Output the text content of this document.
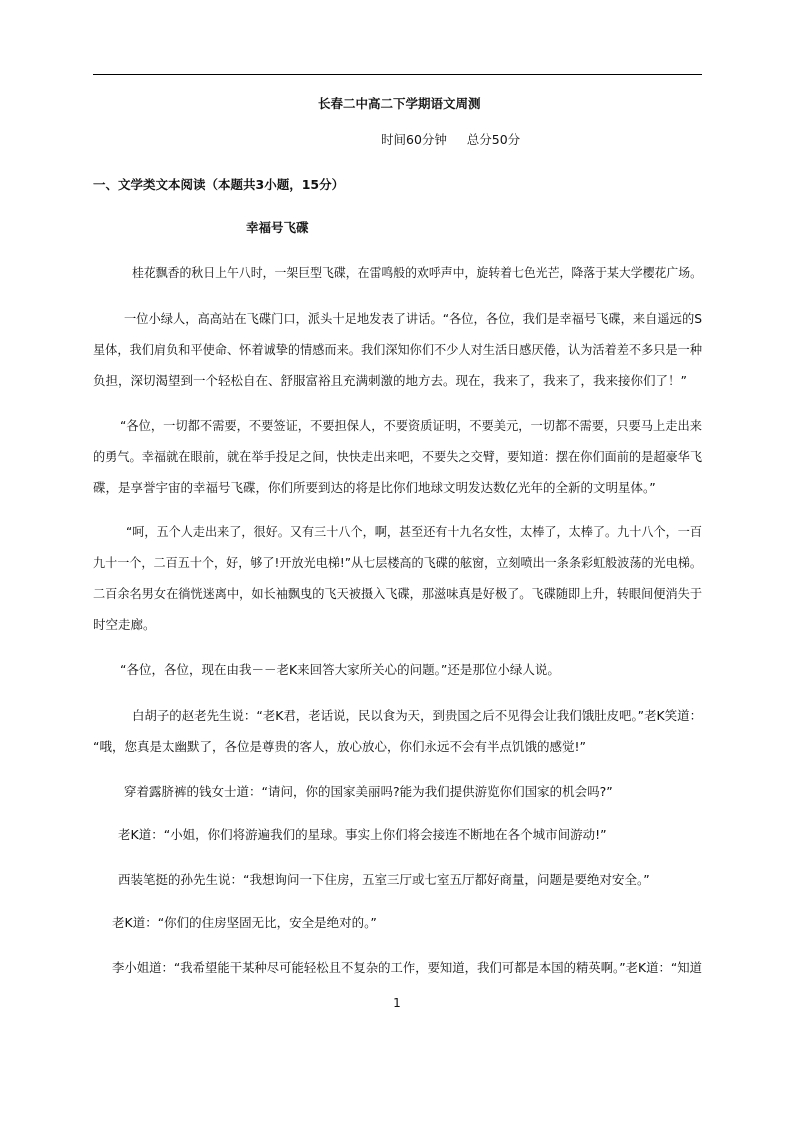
长春二中高二下学期语文周测
时间60分钟     总分50分
一、文学类文本阅读（本题共3小题，15分）
幸福号飞碟
桂花飘香的秋日上午八时，一架巨型飞碟，在雷鸣般的欢呼声中，旋转着七色光芒，降落于某大学樱花广场。
一位小绿人，高高站在飞碟门口，派头十足地发表了讲话。“各位，各位，我们是幸福号飞碟，来自遥远的S
星体，我们肩负和平使命、怀着诚挚的情感而来。我们深知你们不少人对生活日感厌倦，认为活着差不多只是一种
负担，深切渴望到一个轻松自在、舒服富裕且充满刺激的地方去。现在，我来了，我来了，我来接你们了！”
“各位，一切都不需要，不要签证，不要担保人，不要资质证明，不要美元，一切都不需要，只要马上走出来
的勇气。幸福就在眼前，就在举手投足之间，快快走出来吧，不要失之交臂，要知道：摆在你们面前的是超豪华飞
碟，是享誉宇宙的幸福号飞碟，你们所要到达的将是比你们地球文明发达数亿光年的全新的文明星体。”
“呵，五个人走出来了，很好。又有三十八个，啊，甚至还有十九名女性，太棒了，太棒了。九十八个，一百
九十一个，二百五十个，好，够了!开放光电梯!”从七层楼高的飞碟的舷窗，立刻喷出一条条彩虹般波荡的光电梯。
二百余名男女在徜恍迷离中，如长袖飘曳的飞天被摄入飞碟，那滋味真是好极了。飞碟随即上升，转眼间便消失于
时空走廊。
“各位，各位，现在由我－－老K来回答大家所关心的问题。”还是那位小绿人说。
白胡子的赵老先生说：“老K君，老话说，民以食为天，到贵国之后不见得会让我们饿肚皮吧。”老K笑道：
“哦，您真是太幽默了，各位是尊贵的客人，放心放心，你们永远不会有半点饥饿的感觉!”
穿着露脐裤的钱女士道：“请问，你的国家美丽吗?能为我们提供游览你们国家的机会吗?”
老K道：“小姐，你们将游遍我们的星球。事实上你们将会接连不断地在各个城市间游动!”
西装笔挺的孙先生说：“我想询问一下住房，五室三厅或七室五厅都好商量，问题是要绝对安全。”
老K道：“你们的住房坚固无比，安全是绝对的。”
李小姐道：“我希望能干某种尽可能轻松且不复杂的工作，要知道，我们可都是本国的精英啊。”老K道：“知道
1
